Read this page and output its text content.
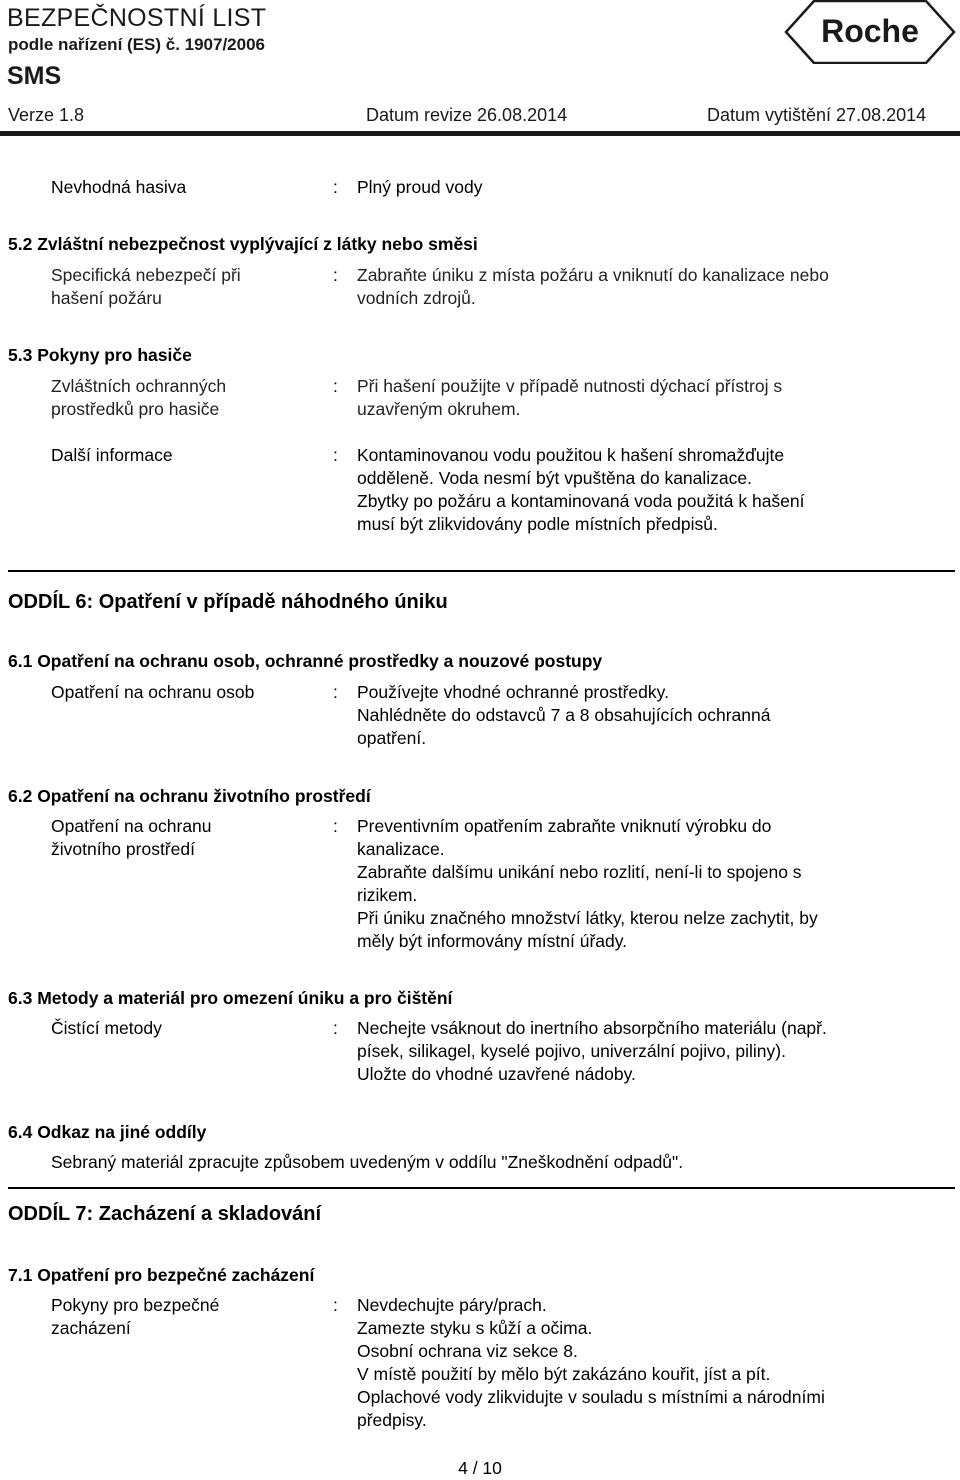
BEZPEČNOSTNÍ LIST
podle nařízení (ES) č. 1907/2006
SMS
Verze 1.8	Datum revize 26.08.2014	Datum vytištění 27.08.2014
Roche
Nevhodná hasiva	: Plný proud vody
5.2 Zvláštní nebezpečnost vyplývající z látky nebo směsi
Specifická nebezpečí při
hašení požáru
: Zabraňte úniku z místa požáru a vniknutí do kanalizace nebo
vodních zdrojů.
5.3 Pokyny pro hasiče
Zvláštních ochranných
prostředků pro hasiče
: Při hašení použijte v případě nutnosti dýchací přístroj s
uzavřeným okruhem.
Další informace	: Kontaminovanou vodu použitou k hašení shromažďujte
odděleně. Voda nesmí být vpuštěna do kanalizace.
Zbytky po požáru a kontaminovaná voda použitá k hašení
musí být zlikvidovány podle místních předpisů.
ODDÍL 6: Opatření v případě náhodného úniku
6.1 Opatření na ochranu osob, ochranné prostředky a nouzové postupy
Opatření na ochranu osob	: Používejte vhodné ochranné prostředky.
Nahlédněte do odstavců 7 a 8 obsahujících ochranná
opatření.
6.2 Opatření na ochranu životního prostředí
Opatření na ochranu
životního prostředí
: Preventivním opatřením zabraňte vniknutí výrobku do
kanalizace.
Zabraňte dalšímu unikání nebo rozlití, není-li to spojeno s
rizikem.
Při úniku značného množství látky, kterou nelze zachytit, by
měly být informovány místní úřady.
6.3 Metody a materiál pro omezení úniku a pro čištění
Čistící metody	: Nechejte vsáknout do inertního absorpčního materiálu (např.
písek, silikagel, kyselé pojivo, univerzální pojivo, piliny).
Uložte do vhodné uzavřené nádoby.
6.4 Odkaz na jiné oddíly
Sebraný materiál zpracujte způsobem uvedeným v oddílu "Zneškodnění odpadů".
ODDÍL 7: Zacházení a skladování
7.1 Opatření pro bezpečné zacházení
Pokyny pro bezpečné
zacházení
: Nevdechujte páry/prach.
Zamezte styku s kůží a očima.
Osobní ochrana viz sekce 8.
V místě použití by mělo být zakázáno kouřit, jíst a pít.
Oplachové vody zlikvidujte v souladu s místními a národními
předpisy.
4 / 10
